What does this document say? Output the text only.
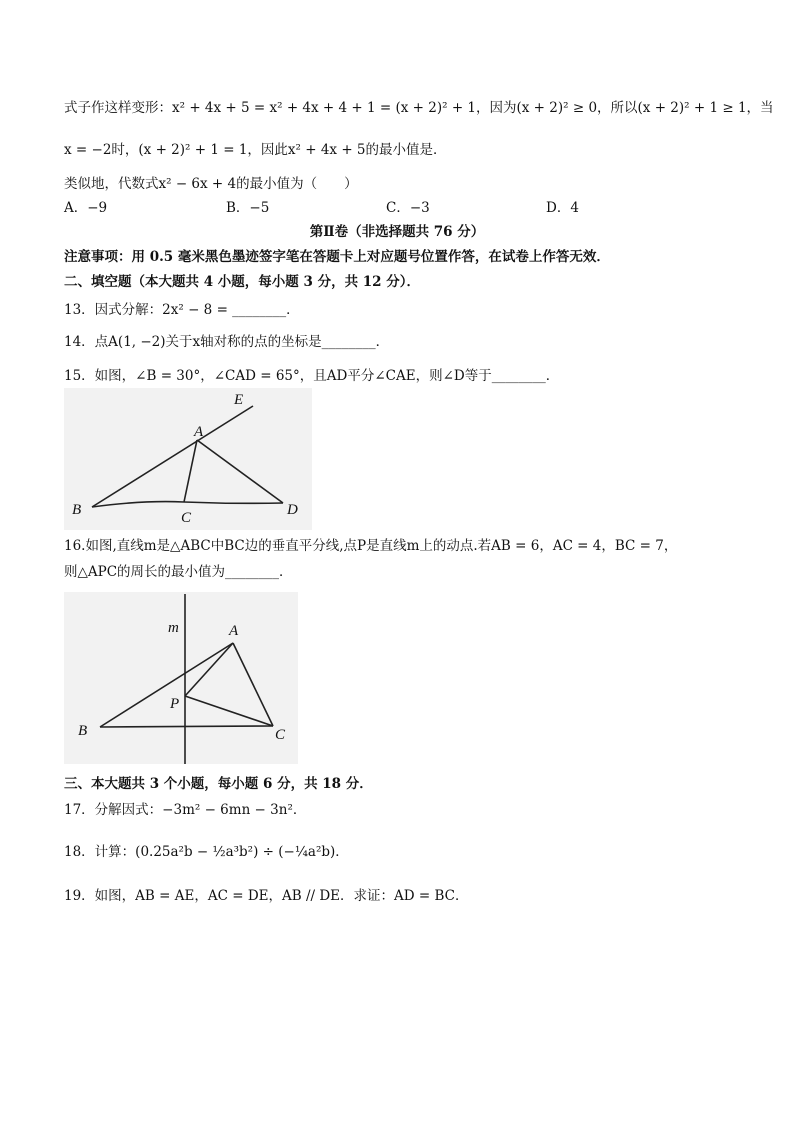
式子作这样变形：x² + 4x + 5 = x² + 4x + 4 + 1 = (x + 2)² + 1，因为(x + 2)² ≥ 0，所以(x + 2)² + 1 ≥ 1，当
x = −2时，(x + 2)² + 1 = 1，因此x² + 4x + 5的最小值是．
类似地，代数式x² − 6x + 4的最小值为（　　）
A．−9	B．−5	C．−3	D．4
第Ⅱ卷（非选择题共 76 分）
注意事项：用 0.5 毫米黑色墨迹签字笔在答题卡上对应题号位置作答，在试卷上作答无效．
二、填空题（本大题共 4 小题，每小题 3 分，共 12 分）．
13．因式分解：2x² − 8 = ________．
14．点A(1, −2)关于x轴对称的点的坐标是________．
15．如图，∠B = 30°，∠CAD = 65°，且AD平分∠CAE，则∠D等于________．
E
A
B	C	D
16.如图,直线m是△ABC中BC边的垂直平分线,点P是直线m上的动点.若AB = 6，AC = 4，BC = 7，
则△APC的周长的最小值为________．
m	A
P
B	C
三、本大题共 3 个小题，每小题 6 分，共 18 分．
17．分解因式：−3m² − 6mn − 3n²．
18．计算：(0.25a²b − ½a³b²) ÷ (−¼a²b)．
19．如图，AB = AE，AC = DE，AB // DE．求证：AD = BC．
